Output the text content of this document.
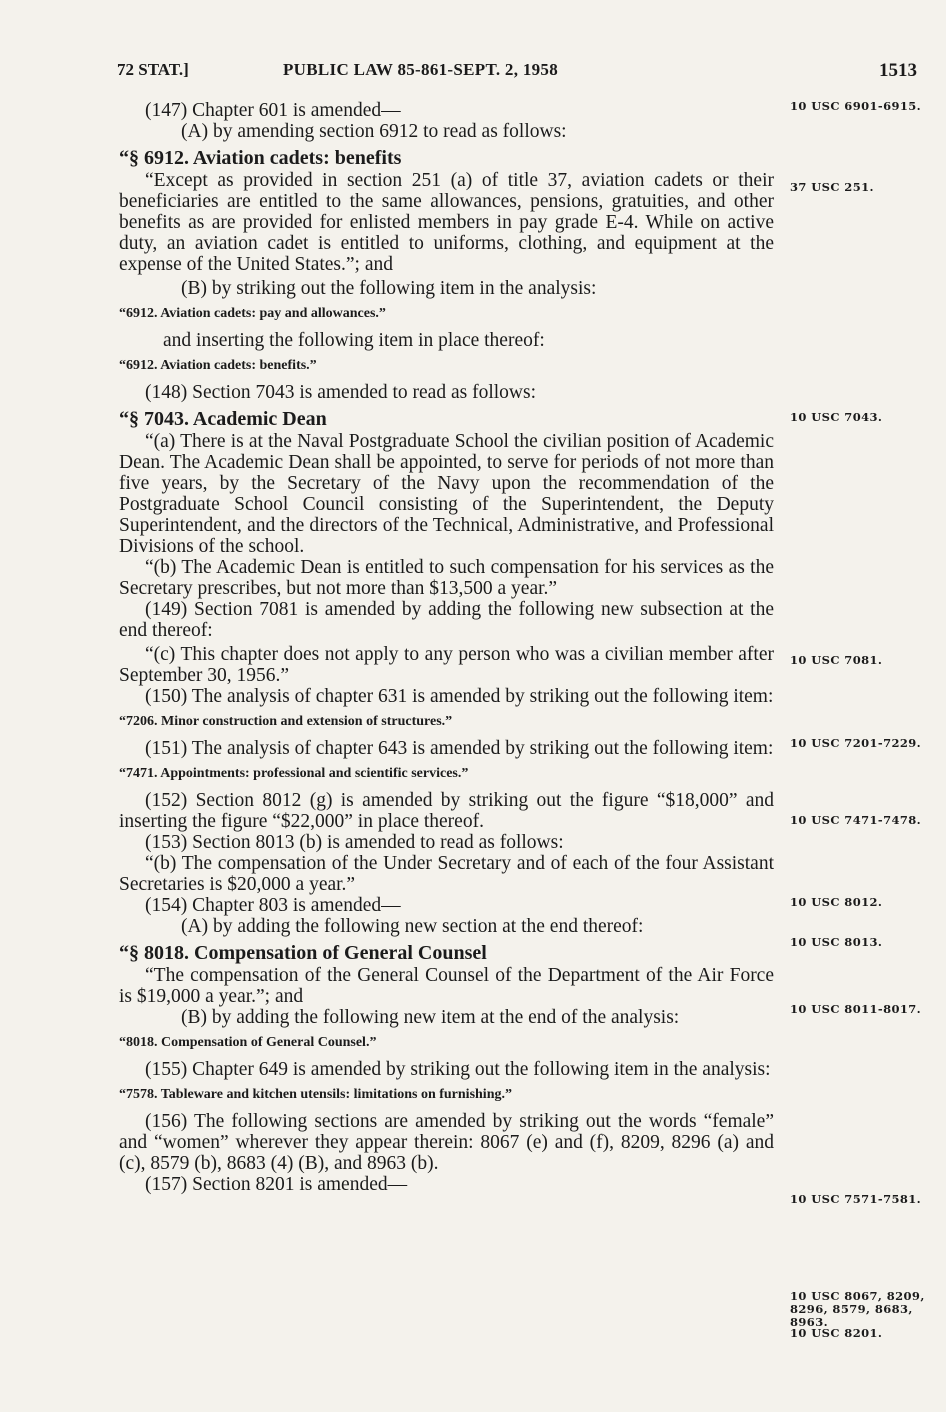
72 STAT.]	PUBLIC LAW 85-861-SEPT. 2, 1958	1513

(147) Chapter 601 is amended—

(A) by amending section 6912 to read as follows:

“§ 6912. Aviation cadets: benefits

“Except as provided in section 251 (a) of title 37, aviation cadets or their beneficiaries are entitled to the same allowances, pensions, gratuities, and other benefits as are provided for enlisted members in pay grade E-4. While on active duty, an aviation cadet is entitled to uniforms, clothing, and equipment at the expense of the United States.”; and

(B) by striking out the following item in the analysis:

“6912. Aviation cadets: pay and allowances.”

and inserting the following item in place thereof:

“6912. Aviation cadets: benefits.”

(148) Section 7043 is amended to read as follows:

“§ 7043. Academic Dean

“(a) There is at the Naval Postgraduate School the civilian position of Academic Dean. The Academic Dean shall be appointed, to serve for periods of not more than five years, by the Secretary of the Navy upon the recommendation of the Postgraduate School Council consisting of the Superintendent, the Deputy Superintendent, and the directors of the Technical, Administrative, and Professional Divisions of the school.

“(b) The Academic Dean is entitled to such compensation for his services as the Secretary prescribes, but not more than $13,500 a year.”

(149) Section 7081 is amended by adding the following new subsection at the end thereof:

“(c) This chapter does not apply to any person who was a civilian member after September 30, 1956.”

(150) The analysis of chapter 631 is amended by striking out the following item:

“7206. Minor construction and extension of structures.”

(151) The analysis of chapter 643 is amended by striking out the following item:

“7471. Appointments: professional and scientific services.”

(152) Section 8012 (g) is amended by striking out the figure “$18,000” and inserting the figure “$22,000” in place thereof.

(153) Section 8013 (b) is amended to read as follows:

“(b) The compensation of the Under Secretary and of each of the four Assistant Secretaries is $20,000 a year.”

(154) Chapter 803 is amended—

(A) by adding the following new section at the end thereof:

“§ 8018. Compensation of General Counsel

“The compensation of the General Counsel of the Department of the Air Force is $19,000 a year.”; and

(B) by adding the following new item at the end of the analysis:

“8018. Compensation of General Counsel.”

(155) Chapter 649 is amended by striking out the following item in the analysis:

“7578. Tableware and kitchen utensils: limitations on furnishing.”

(156) The following sections are amended by striking out the words “female” and “women” wherever they appear therein: 8067 (e) and (f), 8209, 8296 (a) and (c), 8579 (b), 8683 (4) (B), and 8963 (b).

(157) Section 8201 is amended—

10 USC 6901-6915.
37 USC 251.
10 USC 7043.
10 USC 7081.
10 USC 7201-7229.
10 USC 7471-7478.
10 USC 8012.
10 USC 8013.
10 USC 8011-8017.
10 USC 7571-7581.
10 USC 8067, 8209, 8296, 8579, 8683, 8963.
10 USC 8201.
